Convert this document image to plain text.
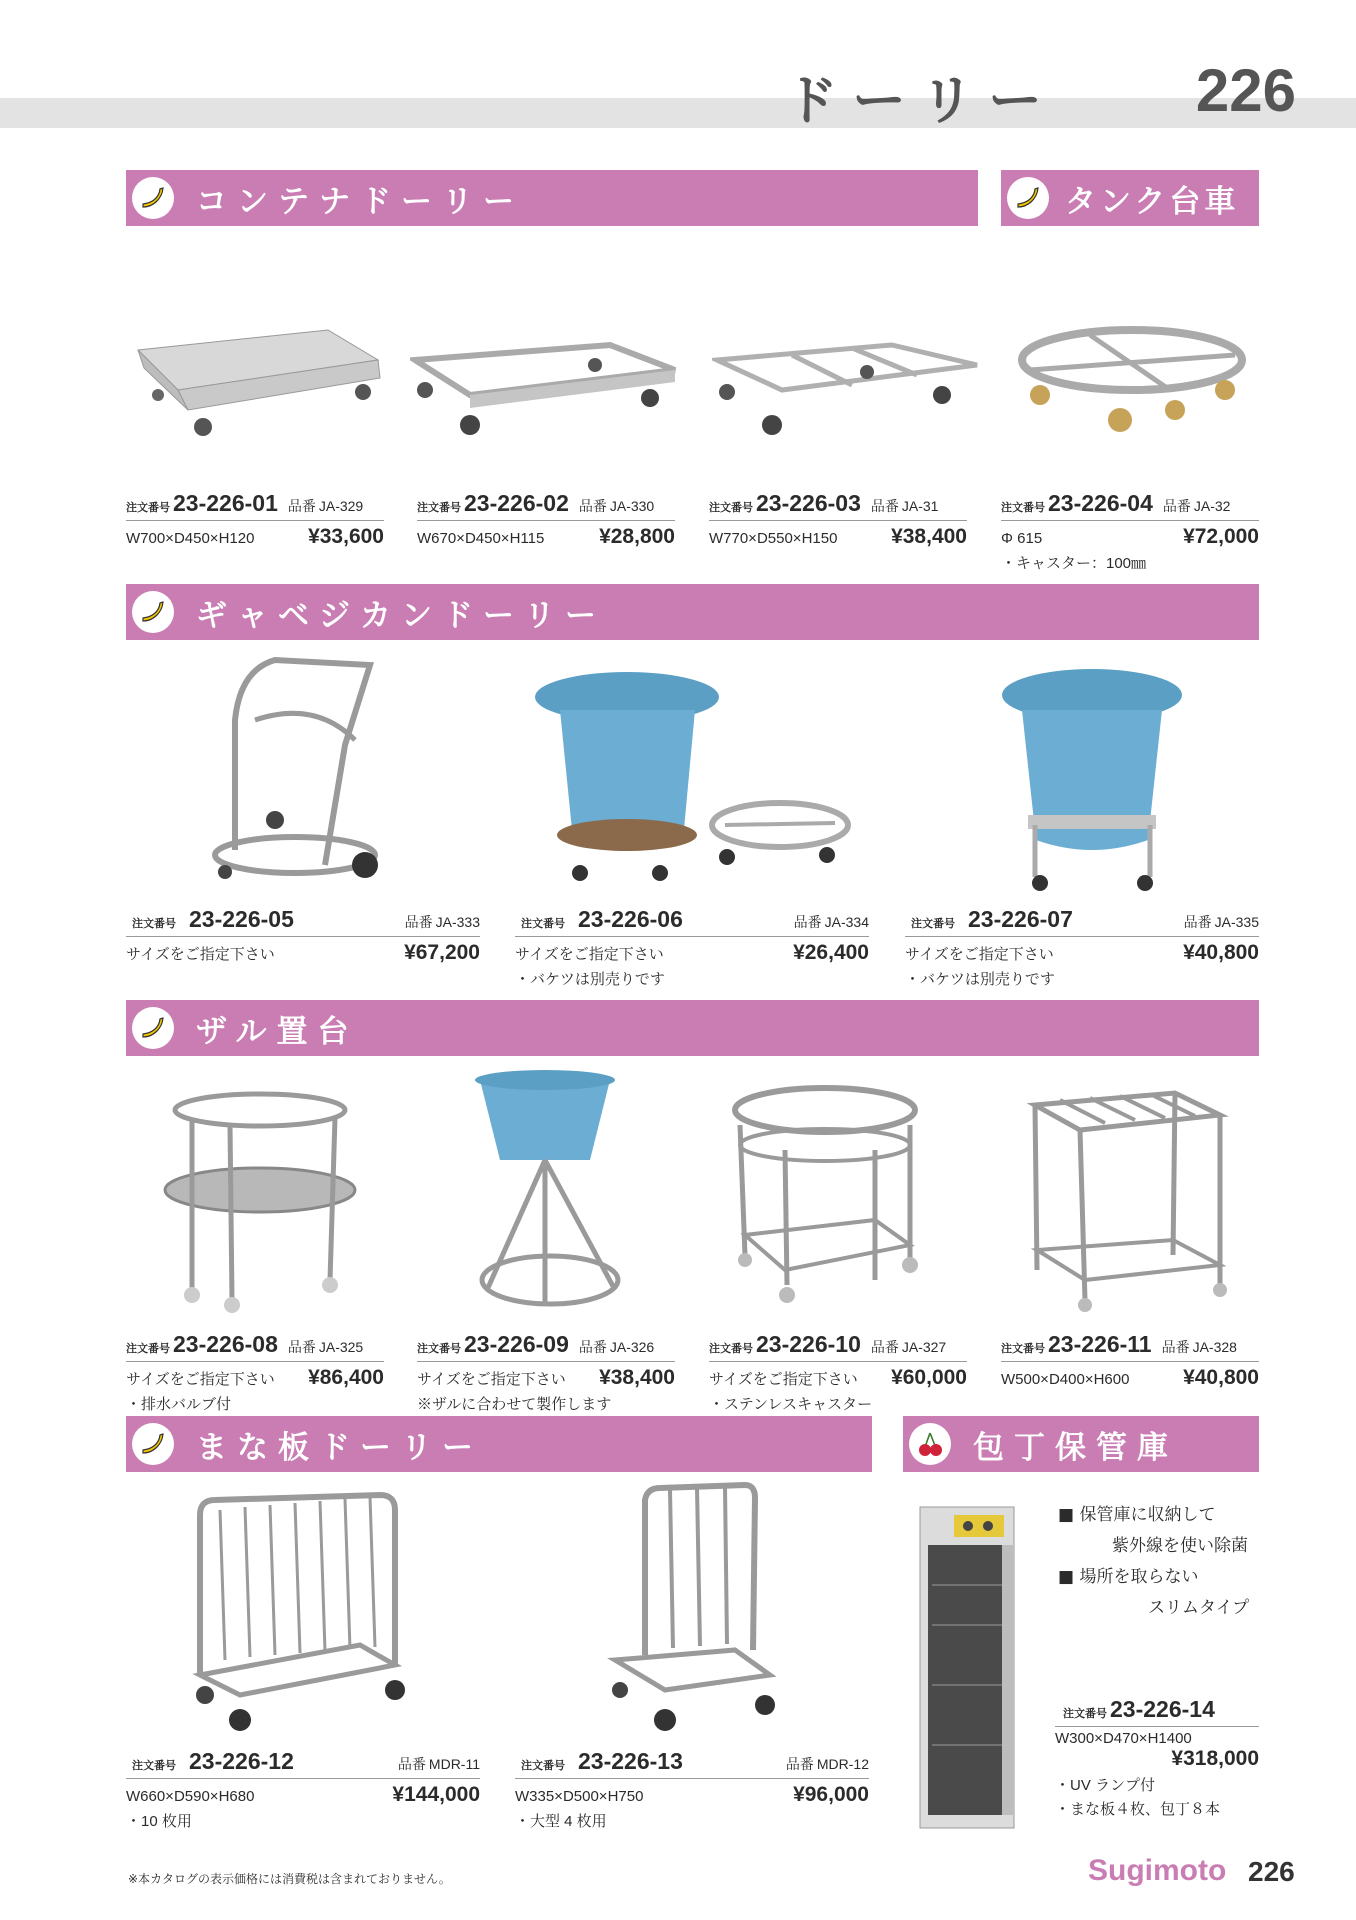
ドーリー 226
コンテナドーリー	タンク台車
ギャベジカンドーリー
ザル置台
まな板ドーリー	包丁保管庫
注文番号 23-226-01 品番 JA-329
W700×D450×H120	¥33,600
注文番号 23-226-02 品番 JA-330
W670×D450×H115	¥28,800
注文番号 23-226-03 品番 JA-31
W770×D550×H150	¥38,400
注文番号 23-226-04 品番 JA-32
Φ 615	¥72,000
・キャスター：100㎜
注文番号 23-226-05	品番 JA-333
サイズをご指定下さい	¥67,200
注文番号 23-226-06	品番 JA-334
サイズをご指定下さい	¥26,400
・バケツは別売りです
注文番号 23-226-07	品番 JA-335
サイズをご指定下さい	¥40,800
・バケツは別売りです
注文番号 23-226-08 品番 JA-325
サイズをご指定下さい ¥86,400
・排水バルブ付
注文番号 23-226-09 品番 JA-326
サイズをご指定下さい ¥38,400
※ザルに合わせて製作します
注文番号 23-226-10 品番 JA-327
サイズをご指定下さい ¥60,000
・ステンレスキャスター
注文番号 23-226-11 品番 JA-328
W500×D400×H600	¥40,800
注文番号 23-226-12	品番 MDR-11
W660×D590×H680	¥144,000
・10 枚用
注文番号 23-226-13	品番 MDR-12
W335×D500×H750	¥96,000
・大型 4 枚用
■ 保管庫に収納して
紫外線を使い除菌
■ 場所を取らない
スリムタイプ
注文番号 23-226-14
W300×D470×H1400
¥318,000
・UV ランプ付
・まな板４枚、包丁８本
※本カタログの表示価格には消費税は含まれておりません。	Sugimoto 226
